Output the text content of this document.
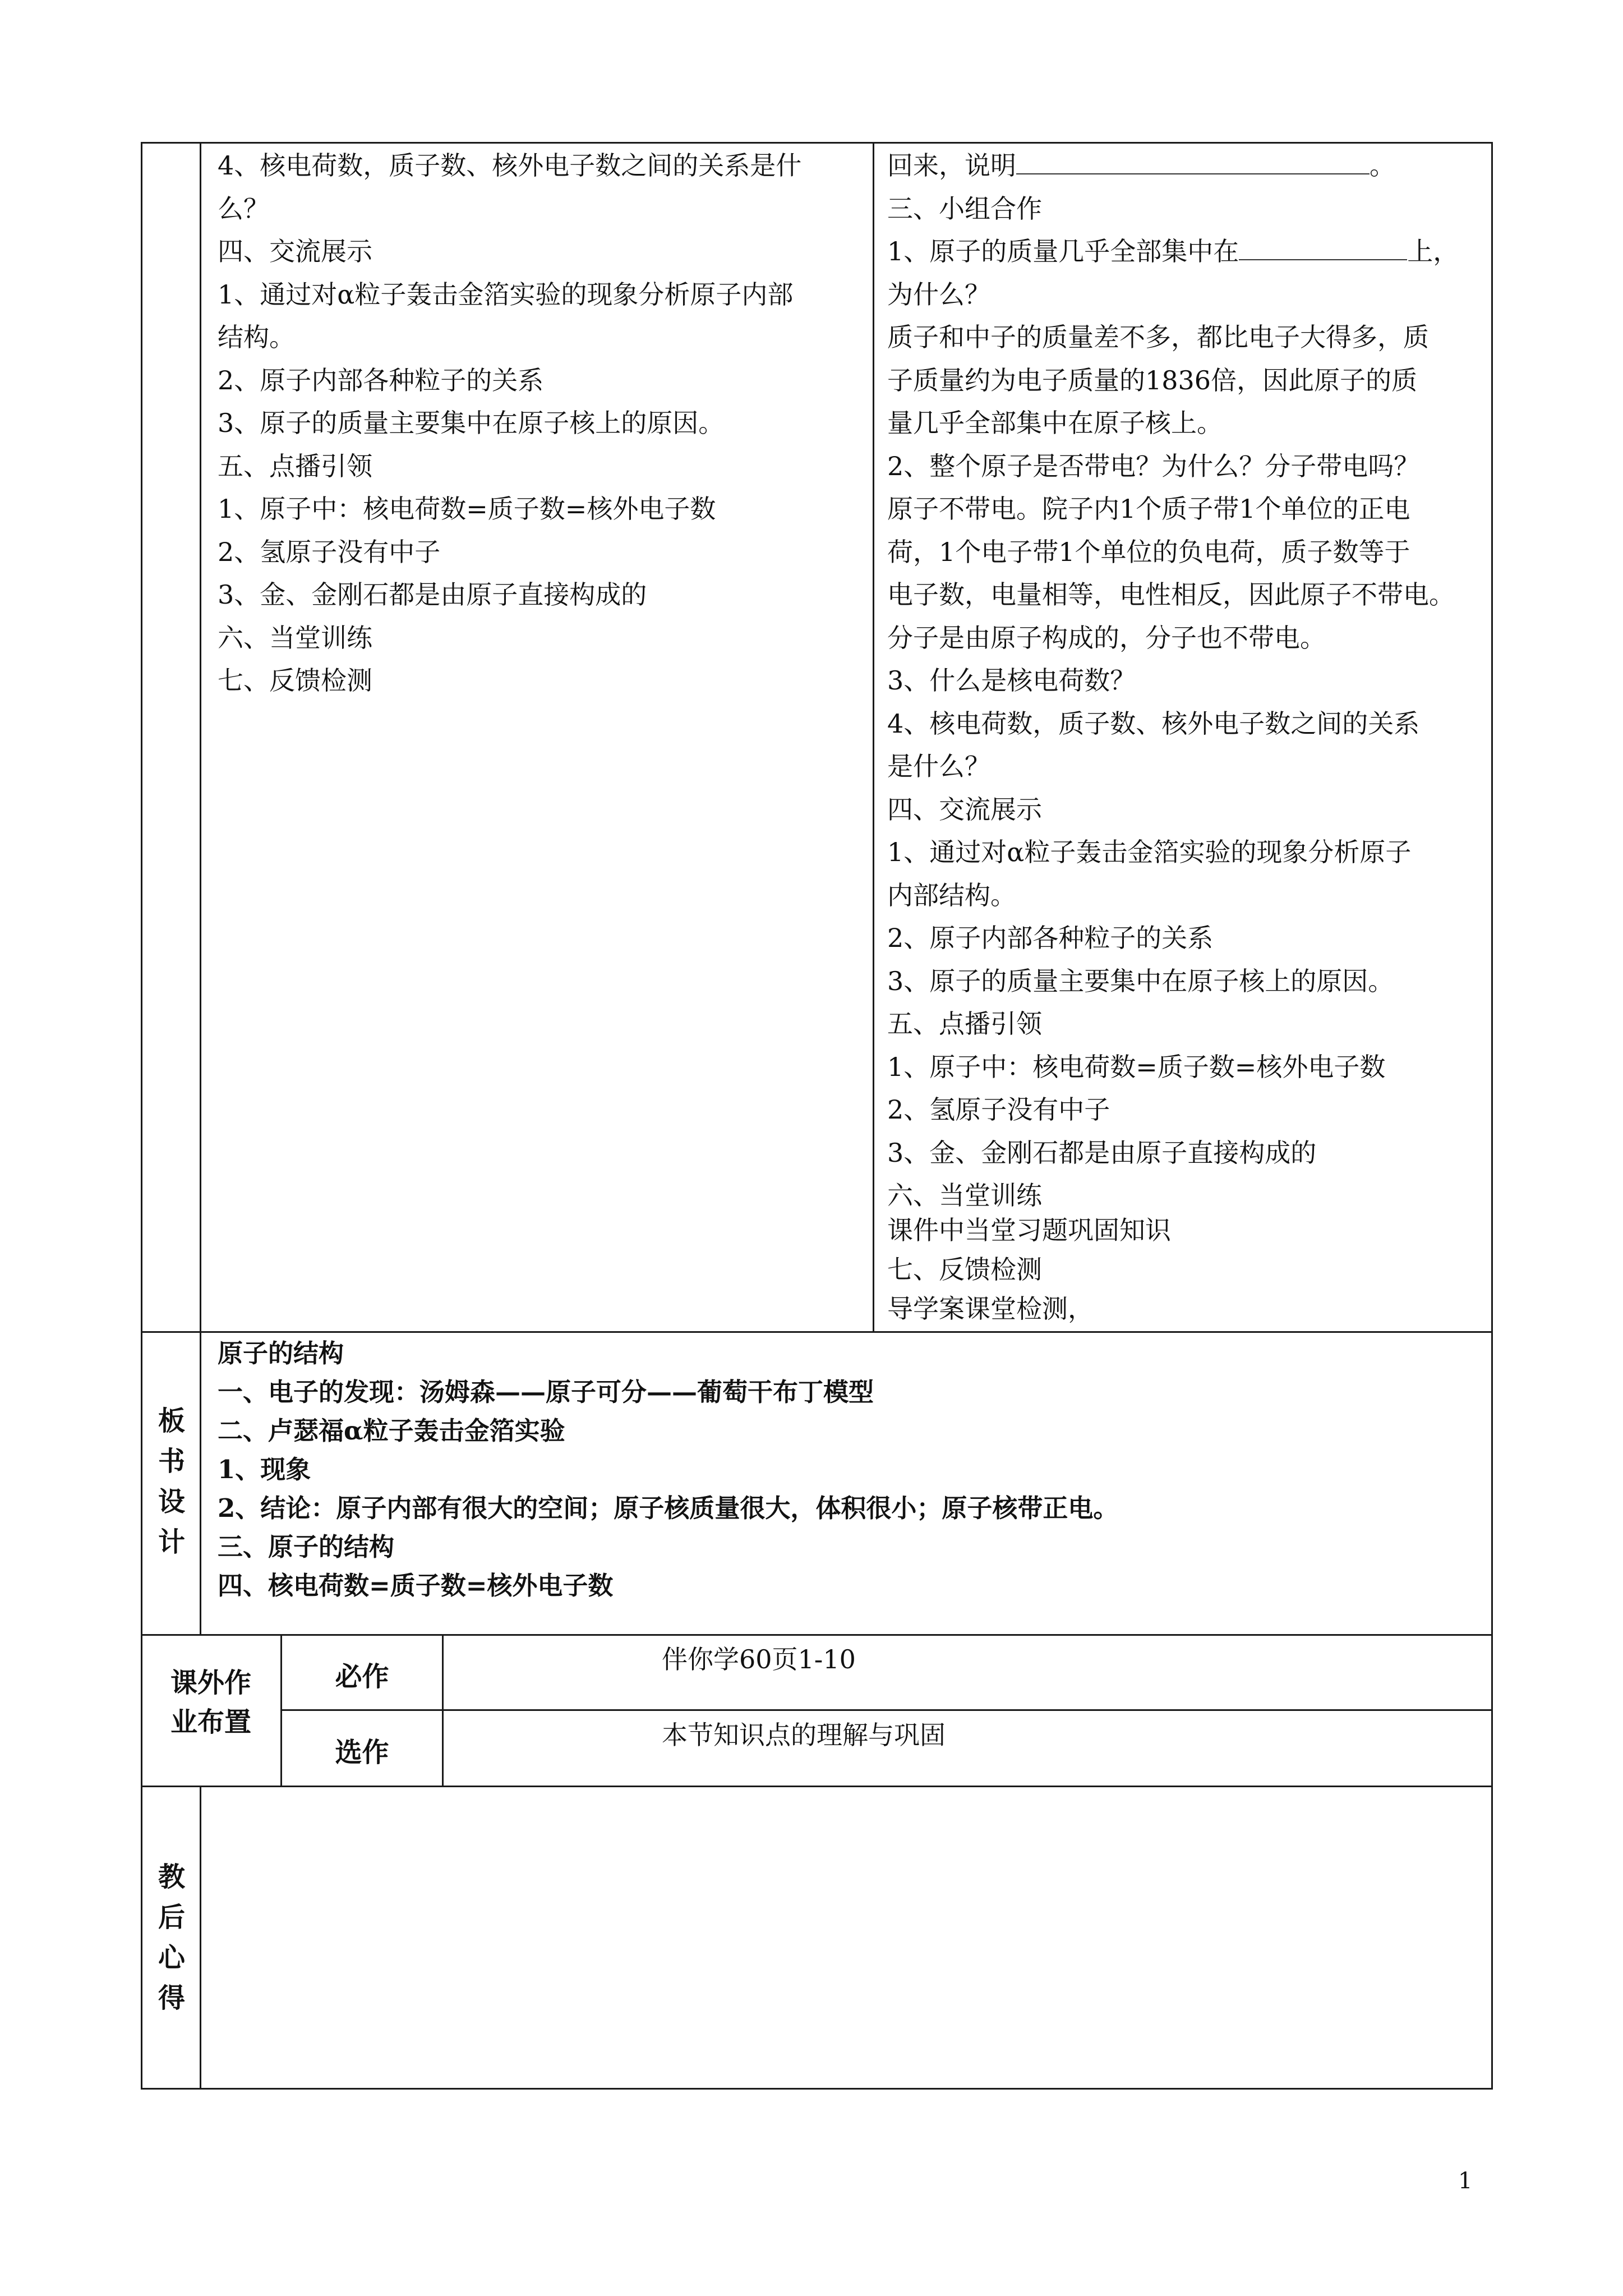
4、核电荷数，质子数、核外电子数之间的关系是什

么？

四、交流展示

1、通过对α粒子轰击金箔实验的现象分析原子内部

结构。

2、原子内部各种粒子的关系

3、原子的质量主要集中在原子核上的原因。

五、点播引领

1、原子中：核电荷数=质子数=核外电子数

2、氢原子没有中子

3、金、金刚石都是由原子直接构成的

六、当堂训练

七、反馈检测

回来，说明	。

三、小组合作

1、原子的质量几乎全部集中在	上，

为什么？

质子和中子的质量差不多，都比电子大得多，质

子质量约为电子质量的1836倍，因此原子的质

量几乎全部集中在原子核上。

2、整个原子是否带电？为什么？分子带电吗？

原子不带电。院子内1个质子带1个单位的正电

荷，1个电子带1个单位的负电荷，质子数等于

电子数，电量相等，电性相反，因此原子不带电。

分子是由原子构成的，分子也不带电。

3、什么是核电荷数？

4、核电荷数，质子数、核外电子数之间的关系

是什么？

四、交流展示

1、通过对α粒子轰击金箔实验的现象分析原子

内部结构。

2、原子内部各种粒子的关系

3、原子的质量主要集中在原子核上的原因。

五、点播引领

1、原子中：核电荷数=质子数=核外电子数

2、氢原子没有中子

3、金、金刚石都是由原子直接构成的

六、当堂训练

课件中当堂习题巩固知识

七、反馈检测

导学案课堂检测，

板
书
设
计

原子的结构

一、电子的发现：汤姆森——原子可分——葡萄干布丁模型

二、卢瑟福α粒子轰击金箔实验

1、现象

2、结论：原子内部有很大的空间；原子核质量很大，体积很小；原子核带正电。

三、原子的结构

四、核电荷数=质子数=核外电子数

课外作
业布置
必作
选作

伴你学60页1-10

本节知识点的理解与巩固

教
后
心
得
1
